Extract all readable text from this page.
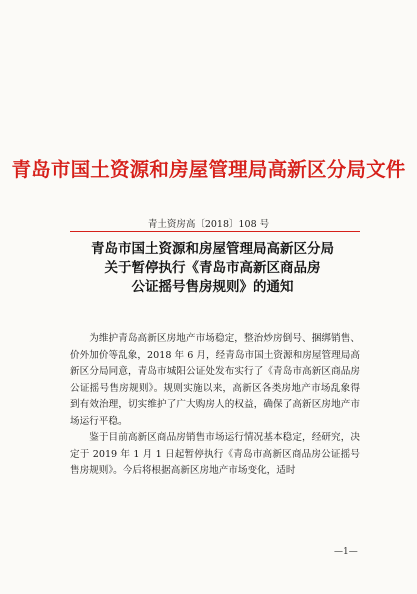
青岛市国土资源和房屋管理局高新区分局文件
青土资房高〔2018〕108 号
青岛市国土资源和房屋管理局高新区分局
关于暂停执行《青岛市高新区商品房
公证摇号售房规则》的通知

为维护青岛高新区房地产市场稳定，整治炒房倒号、捆绑销售、价外加价等乱象，2018 年 6 月，经青岛市国土资源和房屋管理局高新区分局同意，青岛市城阳公证处发布实行了《青岛市高新区商品房公证摇号售房规则》。规则实施以来，高新区各类房地产市场乱象得到有效治理，切实维护了广大购房人的权益，确保了高新区房地产市场运行平稳。

鉴于目前高新区商品房销售市场运行情况基本稳定，经研究，决定于 2019 年 1 月 1 日起暂停执行《青岛市高新区商品房公证摇号售房规则》。今后将根据高新区房地产市场变化，适时

—1—
